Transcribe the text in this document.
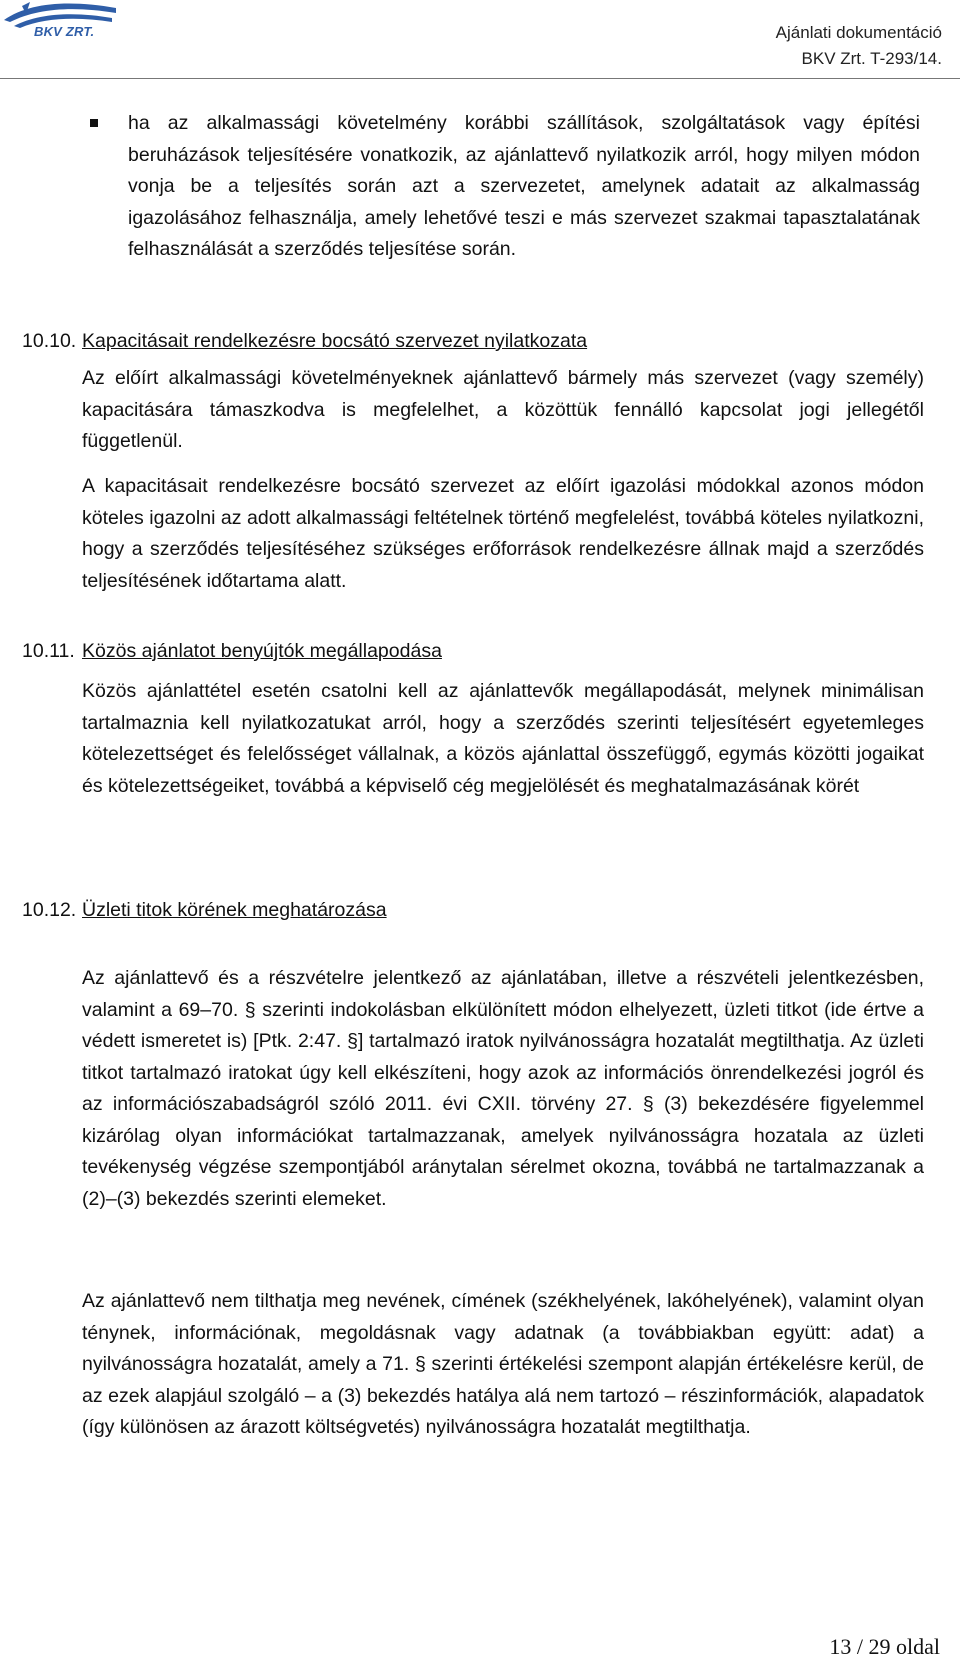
BKV ZRT.	Ajánlati dokumentáció
BKV Zrt. T-293/14.
ha az alkalmassági követelmény korábbi szállítások, szolgáltatások vagy építési beruházások teljesítésére vonatkozik, az ajánlattevő nyilatkozik arról, hogy milyen módon vonja be a teljesítés során azt a szervezetet, amelynek adatait az alkalmasság igazolásához felhasználja, amely lehetővé teszi e más szervezet szakmai tapasztalatának felhasználását a szerződés teljesítése során.
10.10. Kapacitásait rendelkezésre bocsátó szervezet nyilatkozata
Az előírt alkalmassági követelményeknek ajánlattevő bármely más szervezet (vagy személy) kapacitására támaszkodva is megfelelhet, a közöttük fennálló kapcsolat jogi jellegétől függetlenül.
A kapacitásait rendelkezésre bocsátó szervezet az előírt igazolási módokkal azonos módon köteles igazolni az adott alkalmassági feltételnek történő megfelelést, továbbá köteles nyilatkozni, hogy a szerződés teljesítéséhez szükséges erőforrások rendelkezésre állnak majd a szerződés teljesítésének időtartama alatt.
10.11. Közös ajánlatot benyújtók megállapodása
Közös ajánlattétel esetén csatolni kell az ajánlattevők megállapodását, melynek minimálisan tartalmaznia kell nyilatkozatukat arról, hogy a szerződés szerinti teljesítésért egyetemleges kötelezettséget és felelősséget vállalnak, a közös ajánlattal összefüggő, egymás közötti jogaikat és kötelezettségeiket, továbbá a képviselő cég megjelölését és meghatalmazásának körét
10.12. Üzleti titok körének meghatározása
Az ajánlattevő és a részvételre jelentkező az ajánlatában, illetve a részvételi jelentkezésben, valamint a 69–70. § szerinti indokolásban elkülönített módon elhelyezett, üzleti titkot (ide értve a védett ismeretet is) [Ptk. 2:47. §] tartalmazó iratok nyilvánosságra hozatalát megtilthatja. Az üzleti titkot tartalmazó iratokat úgy kell elkészíteni, hogy azok az információs önrendelkezési jogról és az információszabadságról szóló 2011. évi CXII. törvény 27. § (3) bekezdésére figyelemmel kizárólag olyan információkat tartalmazzanak, amelyek nyilvánosságra hozatala az üzleti tevékenység végzése szempontjából aránytalan sérelmet okozna, továbbá ne tartalmazzanak a (2)–(3) bekezdés szerinti elemeket.
Az ajánlattevő nem tilthatja meg nevének, címének (székhelyének, lakóhelyének), valamint olyan ténynek, információnak, megoldásnak vagy adatnak (a továbbiakban együtt: adat) a nyilvánosságra hozatalát, amely a 71. § szerinti értékelési szempont alapján értékelésre kerül, de az ezek alapjául szolgáló – a (3) bekezdés hatálya alá nem tartozó – részinformációk, alapadatok (így különösen az árazott költségvetés) nyilvánosságra hozatalát megtilthatja.
13 / 29 oldal
